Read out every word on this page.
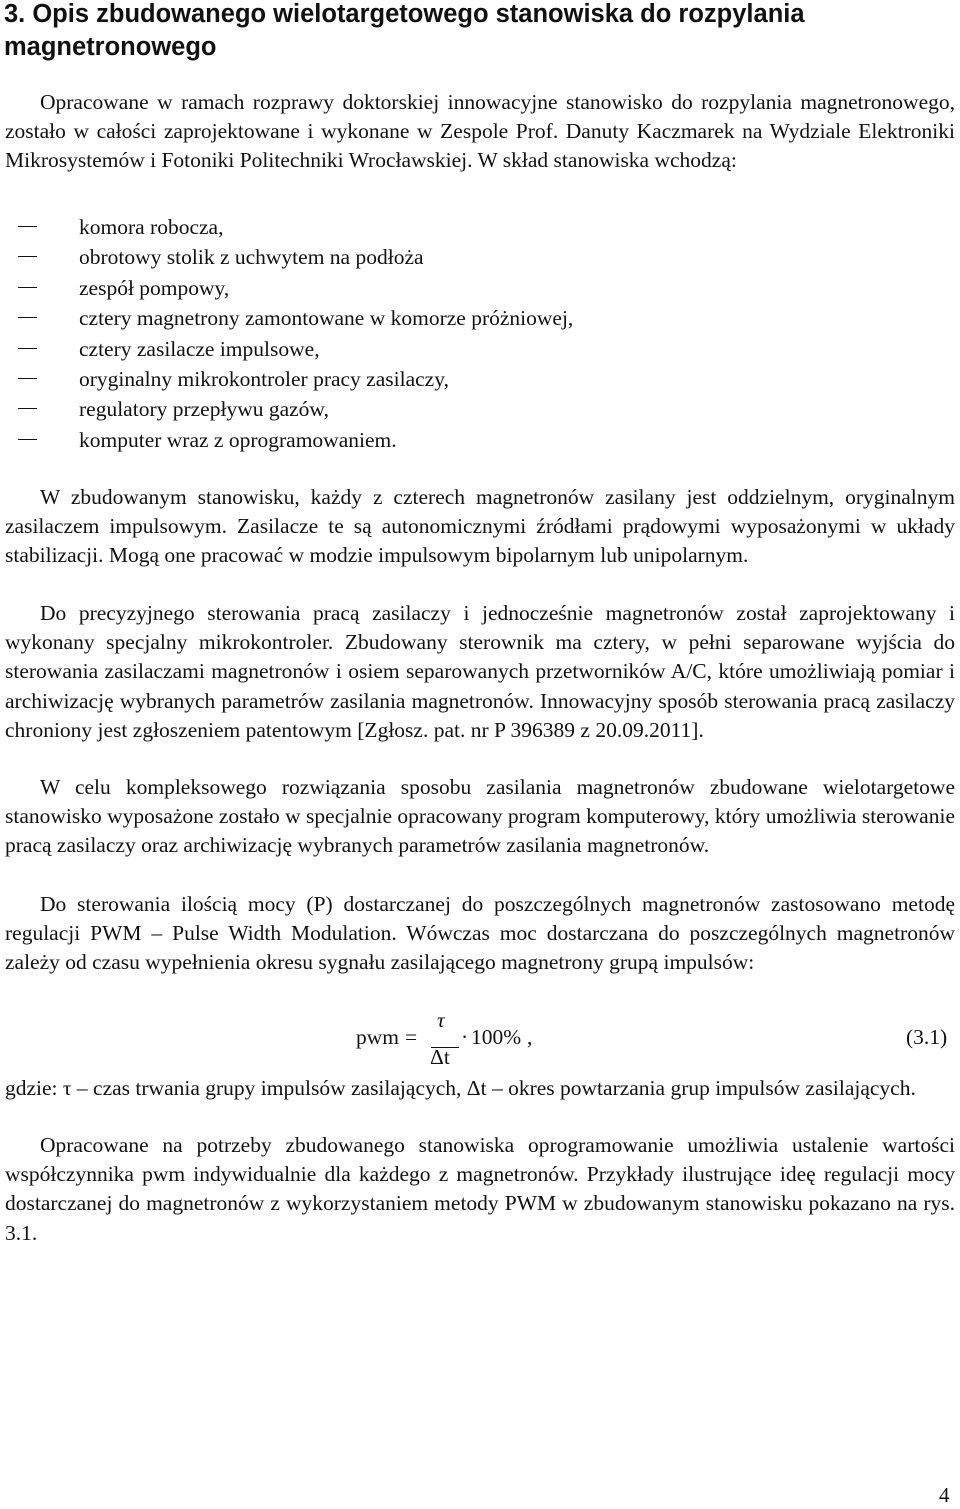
3. Opis zbudowanego wielotargetowego stanowiska do rozpylania magnetronowego

Opracowane w ramach rozprawy doktorskiej innowacyjne stanowisko do rozpylania magnetronowego, zostało w całości zaprojektowane i wykonane w Zespole Prof. Danuty Kaczmarek na Wydziale Elektroniki Mikrosystemów i Fotoniki Politechniki Wrocławskiej. W skład stanowiska wchodzą:

komora robocza,
obrotowy stolik z uchwytem na podłoża
zespół pompowy,
cztery magnetrony zamontowane w komorze próżniowej,
cztery zasilacze impulsowe,
oryginalny mikrokontroler pracy zasilaczy,
regulatory przepływu gazów,
komputer wraz z oprogramowaniem.

W zbudowanym stanowisku, każdy z czterech magnetronów zasilany jest oddzielnym, oryginalnym zasilaczem impulsowym. Zasilacze te są autonomicznymi źródłami prądowymi wyposażonymi w układy stabilizacji. Mogą one pracować w modzie impulsowym bipolarnym lub unipolarnym.

Do precyzyjnego sterowania pracą zasilaczy i jednocześnie magnetronów został zaprojektowany i wykonany specjalny mikrokontroler. Zbudowany sterownik ma cztery, w pełni separowane wyjścia do sterowania zasilaczami magnetronów i osiem separowanych przetworników A/C, które umożliwiają pomiar i archiwizację wybranych parametrów zasilania magnetronów. Innowacyjny sposób sterowania pracą zasilaczy chroniony jest zgłoszeniem patentowym [Zgłosz. pat. nr P 396389 z 20.09.2011].

W celu kompleksowego rozwiązania sposobu zasilania magnetronów zbudowane wielotargetowe stanowisko wyposażone zostało w specjalnie opracowany program komputerowy, który umożliwia sterowanie pracą zasilaczy oraz archiwizację wybranych parametrów zasilania magnetronów.

Do sterowania ilością mocy (P) dostarczanej do poszczególnych magnetronów zastosowano metodę regulacji PWM – Pulse Width Modulation. Wówczas moc dostarczana do poszczególnych magnetronów zależy od czasu wypełnienia okresu sygnału zasilającego magnetrony grupą impulsów:

pwm =
τ
Δt
· 100% ,	(3.1)

gdzie: τ – czas trwania grupy impulsów zasilających, Δt – okres powtarzania grup impulsów zasilających.

Opracowane na potrzeby zbudowanego stanowiska oprogramowanie umożliwia ustalenie wartości współczynnika pwm indywidualnie dla każdego z magnetronów. Przykłady ilustrujące ideę regulacji mocy dostarczanej do magnetronów z wykorzystaniem metody PWM w zbudowanym stanowisku pokazano na rys. 3.1.

4
